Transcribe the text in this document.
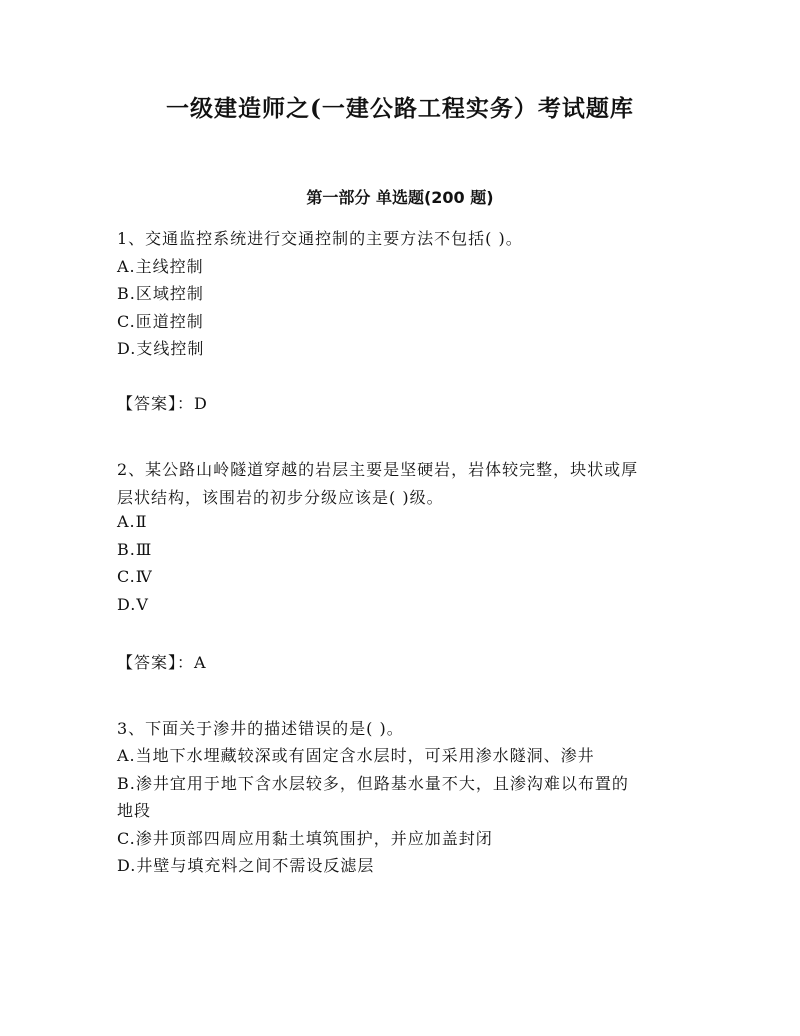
一级建造师之(一建公路工程实务）考试题库
第一部分 单选题(200 题)
1、交通监控系统进行交通控制的主要方法不包括( )。
A.主线控制
B.区域控制
C.匝道控制
D.支线控制
【答案】：D
2、某公路山岭隧道穿越的岩层主要是坚硬岩，岩体较完整，块状或厚
层状结构，该围岩的初步分级应该是( )级。
A.Ⅱ
B.Ⅲ
C.Ⅳ
D.Ⅴ
【答案】：A
3、下面关于渗井的描述错误的是( )。
A.当地下水埋藏较深或有固定含水层时，可采用渗水隧洞、渗井
B.渗井宜用于地下含水层较多，但路基水量不大，且渗沟难以布置的
地段
C.渗井顶部四周应用黏土填筑围护，并应加盖封闭
D.井壁与填充料之间不需设反滤层
